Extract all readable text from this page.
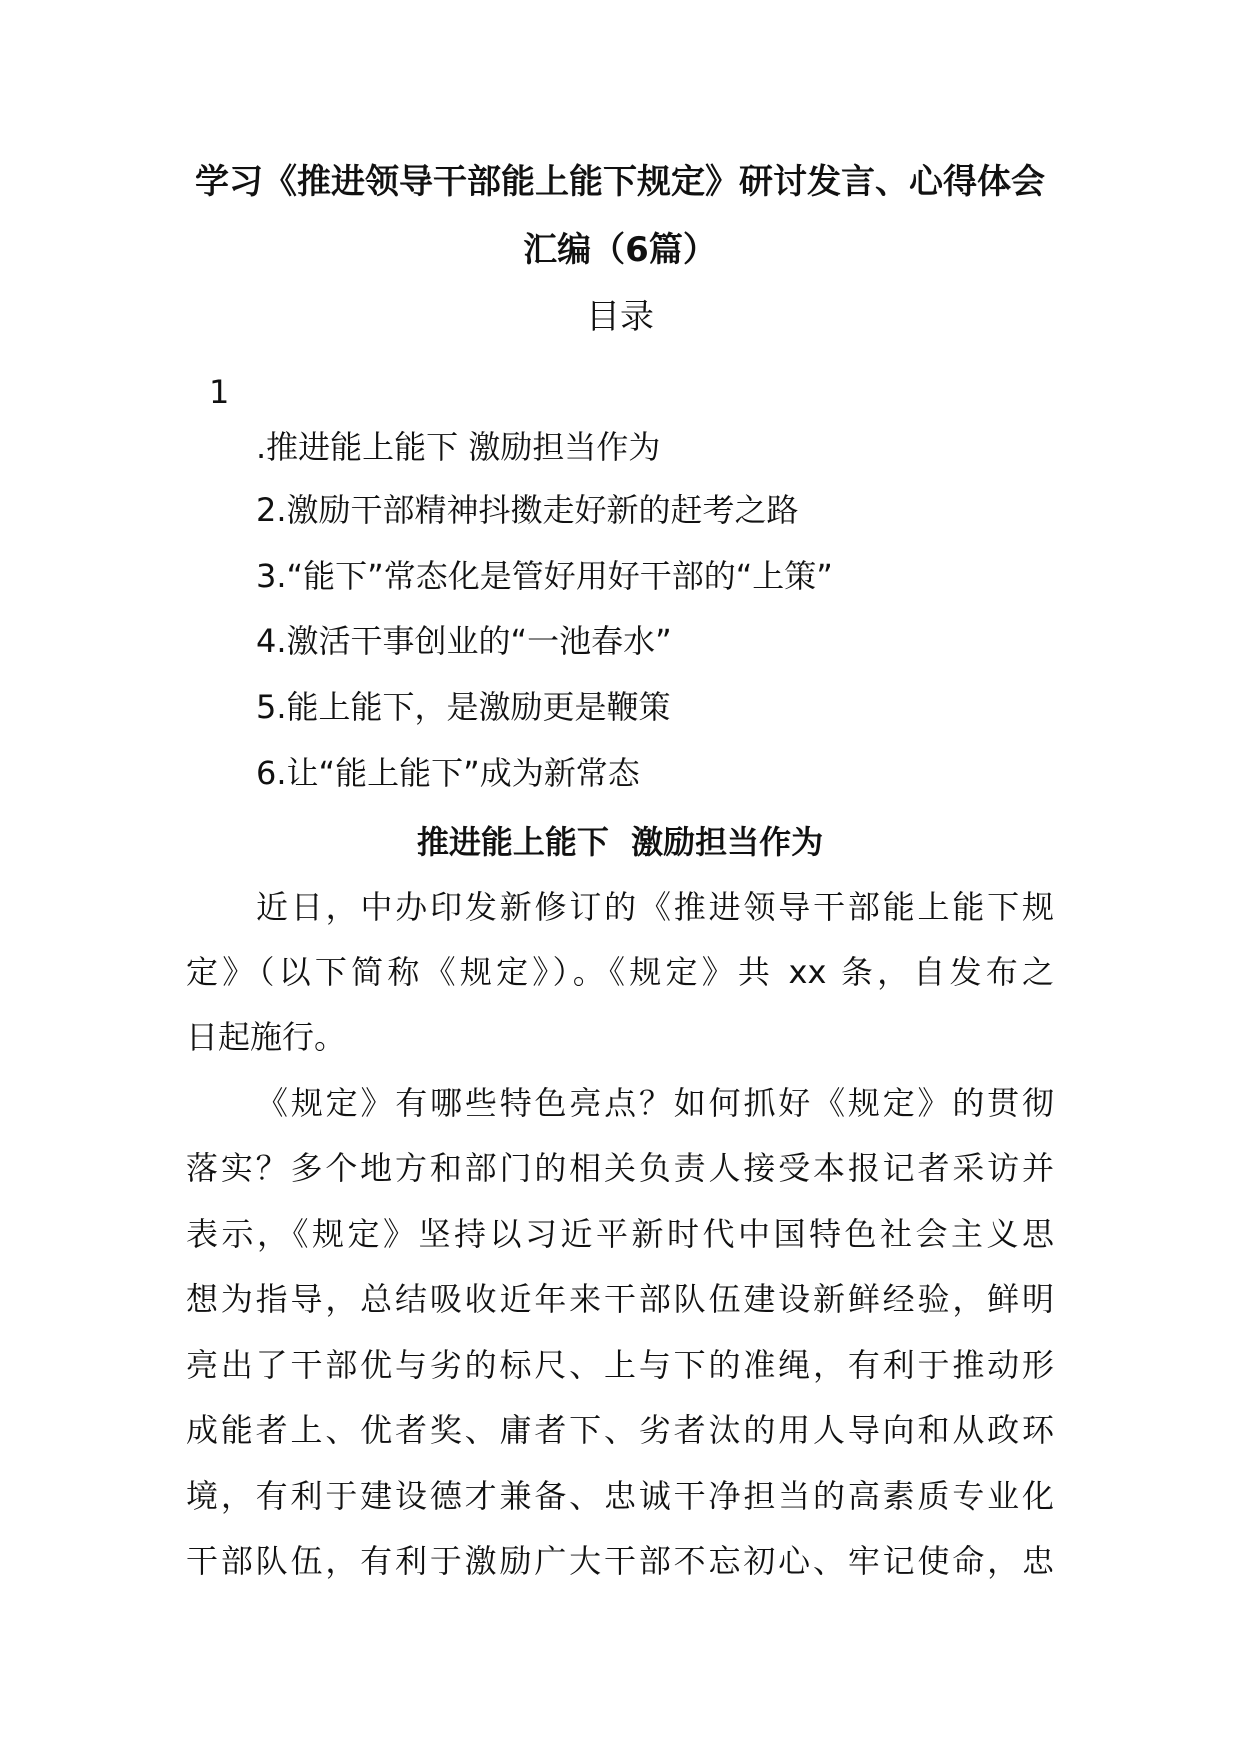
学习《推进领导干部能上能下规定》研讨发言、心得体会
汇编（6篇）
目录
1
.推进能上能下 激励担当作为
2.激励干部精神抖擞走好新的赶考之路
3.“能下”常态化是管好用好干部的“上策”
4.激活干事创业的“一池春水”
5.能上能下，是激励更是鞭策
6.让“能上能下”成为新常态
推进能上能下  激励担当作为
近日，中办印发新修订的《推进领导干部能上能下规
定》（以下简称《规定》）。《规定》共 xx 条，自发布之
日起施行。
《规定》有哪些特色亮点？如何抓好《规定》的贯彻
落实？多个地方和部门的相关负责人接受本报记者采访并
表示，《规定》坚持以习近平新时代中国特色社会主义思
想为指导，总结吸收近年来干部队伍建设新鲜经验，鲜明
亮出了干部优与劣的标尺、上与下的准绳，有利于推动形
成能者上、优者奖、庸者下、劣者汰的用人导向和从政环
境，有利于建设德才兼备、忠诚干净担当的高素质专业化
干部队伍，有利于激励广大干部不忘初心、牢记使命，忠
